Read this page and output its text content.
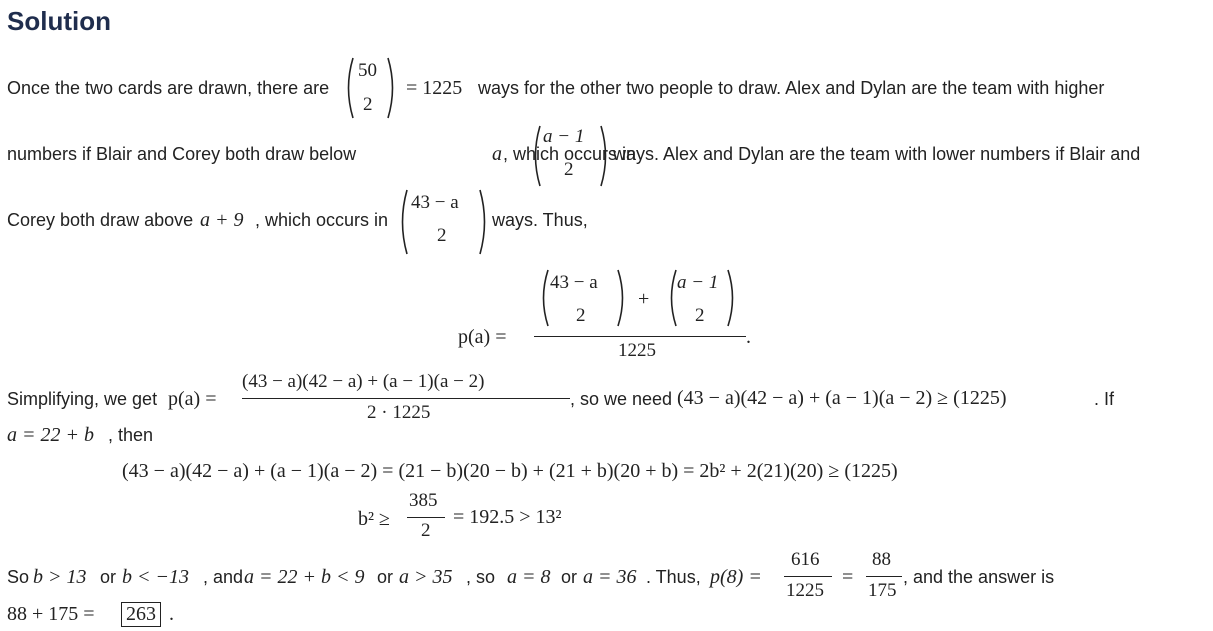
Solution
Once the two cards are drawn, there are
50
2
= 1225 ways for the other two people to draw. Alex and Dylan are the team with higher
numbers if Blair and Corey both draw below	a , which occurs in
a − 1
2
ways. Alex and Dylan are the team with lower numbers if Blair and
Corey both draw above a + 9 , which occurs in
43 − a
2
ways. Thus,
p(a) =
43 − a
2
+
a − 1
2
1225
.
Simplifying, we get p(a) =
(43 − a)(42 − a) + (a − 1)(a − 2)
2 · 1225
, so we need (43 − a)(42 − a) + (a − 1)(a − 2) ≥ (1225)	. If
a = 22 + b , then
(43 − a)(42 − a) + (a − 1)(a − 2) = (21 − b)(20 − b) + (21 + b)(20 + b) = 2b² + 2(21)(20) ≥ (1225)
b² ≥
385
2
= 192.5 > 13²
So b > 13 or b < −13 , and a = 22 + b < 9 or a > 35 , so a = 8 or a = 36 . Thus, p(8) =
616
1225
=
88
175
, and the answer is
88 + 175 = 263 .
